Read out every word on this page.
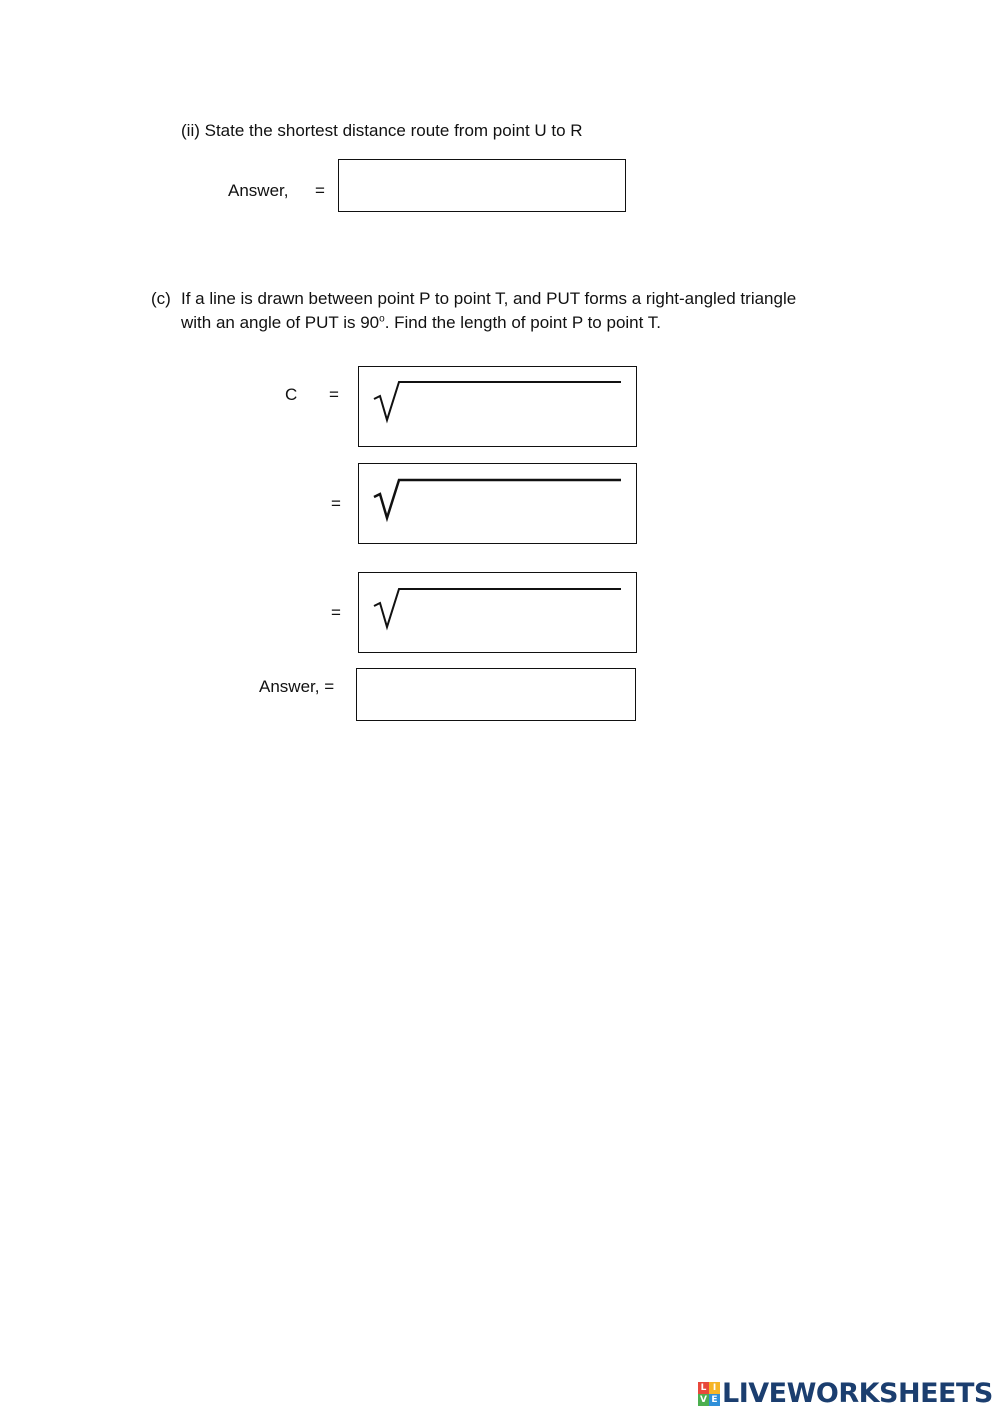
(ii) State the shortest distance route from point U to R
Answer, =
(c) If a line is drawn between point P to point T, and PUT forms a right-angled triangle
with an angle of PUT is 90$^o$. Find the length of point P to point T.
C =
=
=
Answer, =
L I
V E LIVEWORKSHEETS
